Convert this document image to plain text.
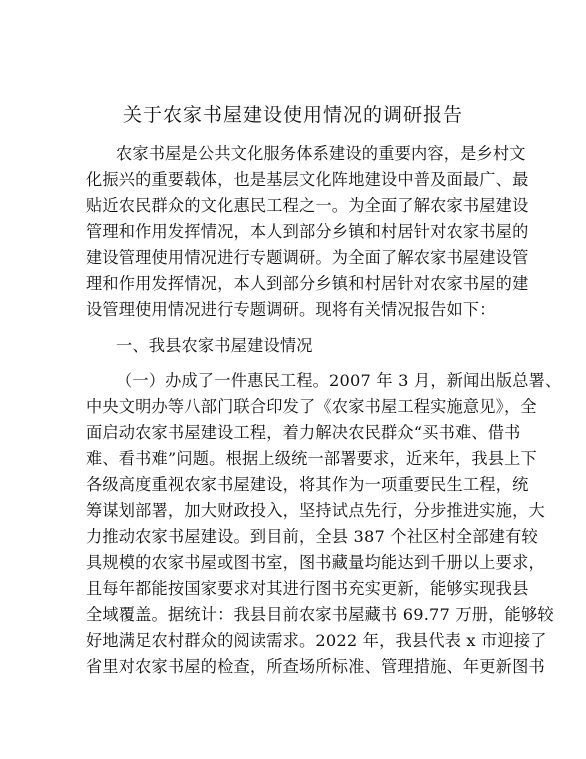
关于农家书屋建设使用情况的调研报告
农家书屋是公共文化服务体系建设的重要内容，是乡村文
化振兴的重要载体，也是基层文化阵地建设中普及面最广、最
贴近农民群众的文化惠民工程之一。为全面了解农家书屋建设
管理和作用发挥情况，本人到部分乡镇和村居针对农家书屋的
建设管理使用情况进行专题调研。为全面了解农家书屋建设管
理和作用发挥情况，本人到部分乡镇和村居针对农家书屋的建
设管理使用情况进行专题调研。现将有关情况报告如下：
一、我县农家书屋建设情况
（一）办成了一件惠民工程。2007 年 3 月，新闻出版总署、
中央文明办等八部门联合印发了《农家书屋工程实施意见》，全
面启动农家书屋建设工程，着力解决农民群众“买书难、借书
难、看书难”问题。根据上级统一部署要求，近来年，我县上下
各级高度重视农家书屋建设，将其作为一项重要民生工程，统
筹谋划部署，加大财政投入，坚持试点先行，分步推进实施，大
力推动农家书屋建设。到目前，全县 387 个社区村全部建有较
具规模的农家书屋或图书室，图书藏量均能达到千册以上要求，
且每年都能按国家要求对其进行图书充实更新，能够实现我县
全域覆盖。据统计：我县目前农家书屋藏书 69.77 万册，能够较
好地满足农村群众的阅读需求。2022 年，我县代表 x 市迎接了
省里对农家书屋的检查，所查场所标准、管理措施、年更新图书
